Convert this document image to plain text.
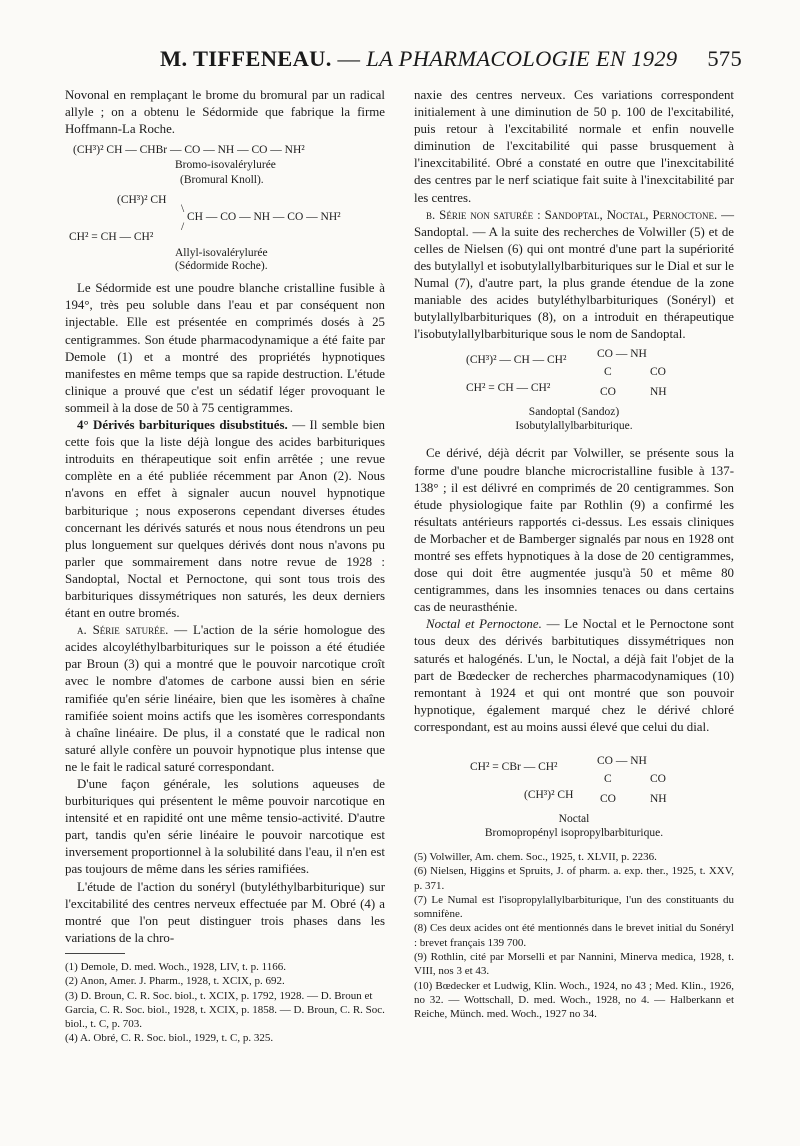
M. TIFFENEAU. — LA PHARMACOLOGIE EN 1929 575

Novonal en remplaçant le brome du bromural par un radical allyle ; on a obtenu le Sédormide que fabrique la firme Hoffmann-La Roche.

(CH³)² CH — CHBr — CO — NH — CO — NH²
Bromo-isovalérylurée
(Bromural Knoll).
(CH³)² CH
\
CH — CO — NH — CO — NH²
/
CH² = CH — CH²
Allyl-isovalérylurée
(Sédormide Roche).

Le Sédormide est une poudre blanche cristalline fusible à 194°, très peu soluble dans l'eau et par conséquent non injectable. Elle est présentée en comprimés dosés à 25 centigrammes. Son étude pharmacodynamique a été faite par Demole (1) et a montré des propriétés hypnotiques manifestes en même temps que sa rapide destruction. L'étude clinique a prouvé que c'est un sédatif léger provoquant le sommeil à la dose de 50 à 75 centigrammes.

4° Dérivés barbituriques disubstitués. — Il semble bien cette fois que la liste déjà longue des acides barbituriques introduits en thérapeutique soit enfin arrêtée ; une revue complète en a été publiée récemment par Anon (2). Nous n'avons en effet à signaler aucun nouvel hypnotique barbiturique ; nous exposerons cependant diverses études concernant les dérivés saturés et nous nous étendrons un peu plus longuement sur quelques dérivés dont nous n'avons pu parler que sommairement dans notre revue de 1928 : Sandoptal, Noctal et Pernoctone, qui sont tous trois des barbituriques dissymétriques non saturés, les deux derniers étant en outre bromés.

a. Série saturée. — L'action de la série homologue des acides alcoyléthylbarbituriques sur le poisson a été étudiée par Broun (3) qui a montré que le pouvoir narcotique croît avec le nombre d'atomes de carbone aussi bien en série ramifiée qu'en série linéaire, bien que les isomères à chaîne ramifiée soient moins actifs que les isomères correspondants à chaîne linéaire. De plus, il a constaté que le radical non saturé allyle confère un pouvoir hypnotique plus intense que ne le fait le radical saturé correspondant.

D'une façon générale, les solutions aqueuses de burbituriques qui présentent le même pouvoir narcotique en intensité et en rapidité ont une même tensio-activité. D'autre part, tandis qu'en série linéaire le pouvoir narcotique est inversement proportionnel à la solubilité dans l'eau, il n'en est pas toujours de même dans les séries ramifiées.

L'étude de l'action du sonéryl (butyléthylbarbiturique) sur l'excitabilité des centres nerveux effectuée par M. Obré (4) a montré que l'on peut distinguer trois phases dans les variations de la chro-

(1) Demole, D. med. Woch., 1928, LIV, t. p. 1166.
(2) Anon, Amer. J. Pharm., 1928, t. XCIX, p. 692.
(3) D. Broun, C. R. Soc. biol., t. XCIX, p. 1792, 1928. — D. Broun et Garcia, C. R. Soc. biol., 1928, t. XCIX, p. 1858. — D. Broun, C. R. Soc. biol., t. C, p. 703.
(4) A. Obré, C. R. Soc. biol., 1929, t. C, p. 325.

naxie des centres nerveux. Ces variations correspondent initialement à une diminution de 50 p. 100 de l'excitabilité, puis retour à l'excitabilité normale et enfin nouvelle diminution de l'excitabilité qui passe brusquement à l'inexcitabilité. Obré a constaté en outre que l'inexcitabilité des centres par le nerf sciatique fait suite à l'inexcitabilité par les centres.

b. Série non saturée : Sandoptal, Noctal, Pernoctone. — Sandoptal. — A la suite des recherches de Volwiller (5) et de celles de Nielsen (6) qui ont montré d'une part la supériorité des butylallyl et isobutylallylbarbituriques sur le Dial et sur le Numal (7), d'autre part, la plus grande étendue de la zone maniable des acides butyléthylbarbituriques (Sonéryl) et butylallylbarbituriques (8), on a introduit en thérapeutique l'isobutylallylbarbiturique sous le nom de Sandoptal.

(CH³)² — CH — CH²	CO — NH
C	CO
CH² = CH — CH²	CO	NH
Sandoptal (Sandoz)
Isobutylallylbarbiturique.

Ce dérivé, déjà décrit par Volwiller, se présente sous la forme d'une poudre blanche microcristalline fusible à 137-138° ; il est délivré en comprimés de 20 centigrammes. Son étude physiologique faite par Rothlin (9) a confirmé les résultats antérieurs rapportés ci-dessus. Les essais cliniques de Morbacher et de Bamberger signalés par nous en 1928 ont montré ses effets hypnotiques à la dose de 20 centigrammes, dose qui doit être augmentée jusqu'à 50 et même 80 centigrammes, dans les insomnies tenaces ou dans certains cas de neurasthénie.

Noctal et Pernoctone. — Le Noctal et le Pernoctone sont tous deux des dérivés barbitutiques dissymétriques non saturés et halogénés. L'un, le Noctal, a déjà fait l'objet de la part de Bœdecker de recherches pharmacodynamiques (10) remontant à 1924 et qui ont montré que son pouvoir hypnotique, également marqué chez le dérivé chloré correspondant, est au moins aussi élevé que celui du dial.

CH² = CBr — CH²	CO — NH
C	CO
(CH³)² CH CO	NH
Noctal
Bromopropényl isopropylbarbiturique.
(5) Volwiller, Am. chem. Soc., 1925, t. XLVII, p. 2236.
(6) Nielsen, Higgins et Spruits, J. of pharm. a. exp. ther., 1925, t. XXV, p. 371.
(7) Le Numal est l'isopropylallylbarbiturique, l'un des constituants du somnifène.
(8) Ces deux acides ont été mentionnés dans le brevet initial du Sonéryl : brevet français 139 700.
(9) Rothlin, cité par Morselli et par Nannini, Minerva medica, 1928, t. VIII, nos 3 et 43.
(10) Bœdecker et Ludwig, Klin. Woch., 1924, no 43 ; Med. Klin., 1926, no 32. — Wottschall, D. med. Woch., 1928, no 4. — Halberkann et Reiche, Münch. med. Woch., 1927 no 34.
